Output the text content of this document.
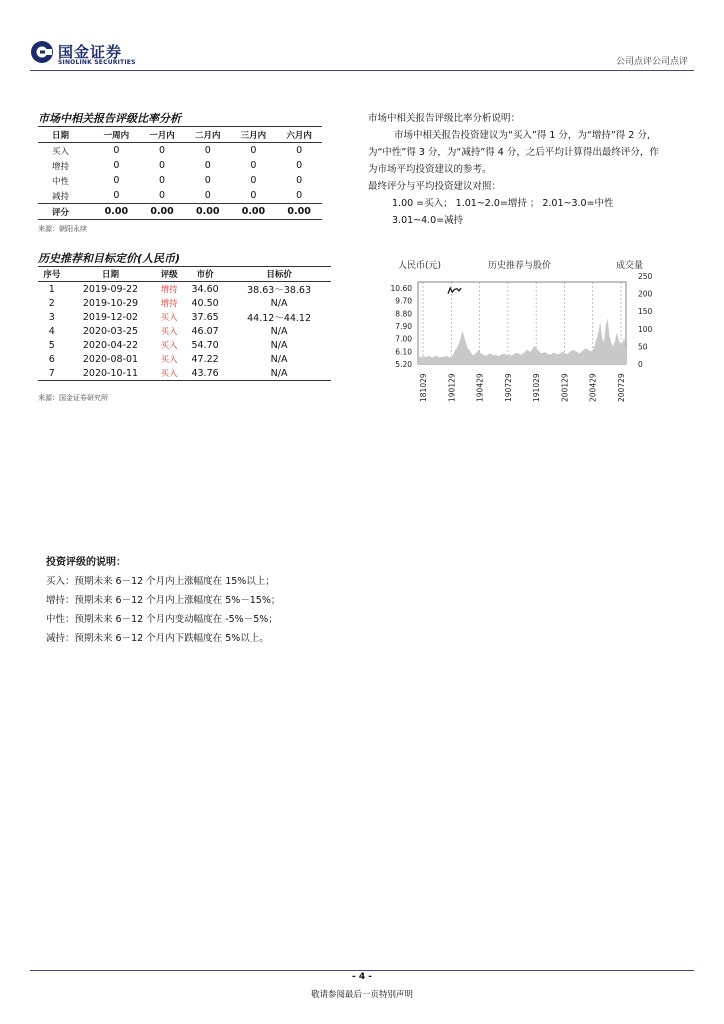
国金证券
SINOLINK SECURITIES	公司点评公司点评
市场中相关报告评级比率分析
日期	一周内	一月内	二月内	三月内	六月内
买入	0	0	0	0	0
增持	0	0	0	0	0
中性	0	0	0	0	0
减持	0	0	0	0	0
评分	0.00	0.00	0.00	0.00	0.00
来源：朝阳永续

市场中相关报告评级比率分析说明：

市场中相关报告投资建议为“买入”得 1 分，为“增持”得 2 分，为“中性”得 3 分，为“减持”得 4 分，之后平均计算得出最终评分，作为市场平均投资建议的参考。

最终评分与平均投资建议对照：

1.00 =买入； 1.01~2.0=增持 ； 2.01~3.0=中性

3.01~4.0=减持

历史推荐和目标定价(人民币)
序号	日期	评级	市价	目标价
1	2019-09-22	增持	34.60	38.63～38.63
2	2019-10-29	增持	40.50	N/A
3	2019-12-02	买入	37.65	44.12～44.12
4	2020-03-25	买入	46.07	N/A
5	2020-04-22	买入	54.70	N/A
6	2020-08-01	买入	47.22	N/A
7	2020-10-11	买入	43.76	N/A
来源：国金证券研究所
人民币(元)	历史推荐与股价	成交量
181029	190129	190429	190729	191029	200129	200429	200729
10.60
9.70
8.80
7.90
7.00
6.10
5.20
250
200
150
100
50
0
投资评级的说明：
买入：预期未来 6－12 个月内上涨幅度在 15%以上；
增持：预期未来 6－12 个月内上涨幅度在 5%－15%；
中性：预期未来 6－12 个月内变动幅度在 -5%－5%；
减持：预期未来 6－12 个月内下跌幅度在 5%以上。
- 4 -
敬请参阅最后一页特别声明
